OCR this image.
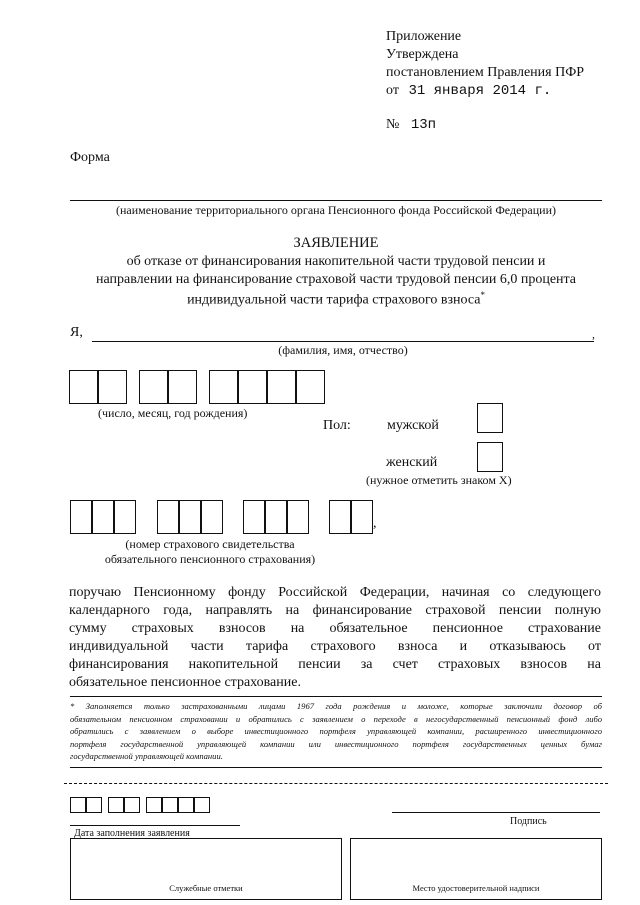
Приложение
Утверждена
постановлением Правления ПФР
от 31 января 2014 г.
№ 13п
Форма
(наименование территориального органа Пенсионного фонда Российской Федерации)
ЗАЯВЛЕНИЕ
об отказе от финансирования накопительной части трудовой пенсии и
направлении на финансирование страховой части трудовой пенсии 6,0 процента
индивидуальной части тарифа страхового взноса*
Я,	,
(фамилия, имя, отчество)
(число, месяц, год рождения)
Пол:	мужской
женский
(нужное отметить знаком X)
,
(номер страхового свидетельства
обязательного пенсионного страхования)
поручаю Пенсионному фонду Российской Федерации, начиная со следующего
календарного года, направлять на финансирование страховой пенсии полную
сумму страховых взносов на обязательное пенсионное страхование
индивидуальной части тарифа страхового взноса и отказываюсь от
финансирования накопительной пенсии за счет страховых взносов на
обязательное пенсионное страхование.
* Заполняется только застрахованными лицами 1967 года рождения и моложе, которые заключили договор об
обязательном пенсионном страховании и обратились с заявлением о переходе в негосударственный пенсионный фонд либо
обратились с заявлением о выборе инвестиционного портфеля управляющей компании, расширенного инвестиционного
портфеля государственной управляющей компании или инвестиционного портфеля государственных ценных бумаг
государственной управляющей компании.
Дата заполнения заявления
Подпись
Служебные отметки	Место удостоверительной надписи
